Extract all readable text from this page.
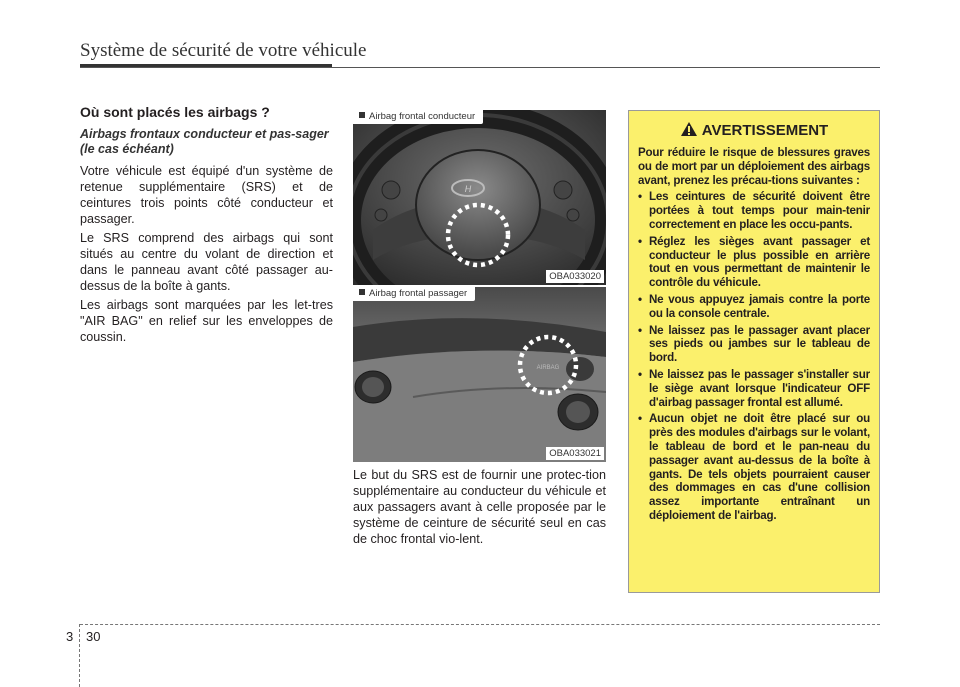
Système de sécurité de votre véhicule
Où sont placés les airbags ?
Airbags frontaux conducteur et pas-sager (le cas échéant)

Votre véhicule est équipé d'un système de retenue supplémentaire (SRS) et de ceintures trois points côté conducteur et passager.

Le SRS comprend des airbags qui sont situés au centre du volant de direction et dans le panneau avant côté passager au-dessus de la boîte à gants.

Les airbags sont marquées par les let-tres "AIR BAG" en relief sur les enveloppes de coussin.

H
Airbag frontal conducteur
OBA033020
AIRBAG
Airbag frontal passager
OBA033021

Le but du SRS est de fournir une protec-tion supplémentaire au conducteur du véhicule et aux passagers avant à celle proposée par le système de ceinture de sécurité seul en cas de choc frontal vio-lent.

AVERTISSEMENT

Pour réduire le risque de blessures graves ou de mort par un déploiement des airbags avant, prenez les précau-tions suivantes :

• Les ceintures de sécurité doivent être portées à tout temps pour main-tenir correctement en place les occu-pants.
• Réglez les sièges avant passager et conducteur le plus possible en arrière tout en vous permettant de maintenir le contrôle du véhicule.
• Ne vous appuyez jamais contre la porte ou la console centrale.
• Ne laissez pas le passager avant placer ses pieds ou jambes sur le tableau de bord.
• Ne laissez pas le passager s'installer sur le siège avant lorsque l'indicateur OFF d'airbag passager frontal est allumé.
• Aucun objet ne doit être placé sur ou près des modules d'airbags sur le volant, le tableau de bord et le pan-neau du passager avant au-dessus de la boîte à gants. De tels objets pourraient causer des dommages en cas d'une collision assez importante entraînant un déploiement de l'airbag.
3 30
